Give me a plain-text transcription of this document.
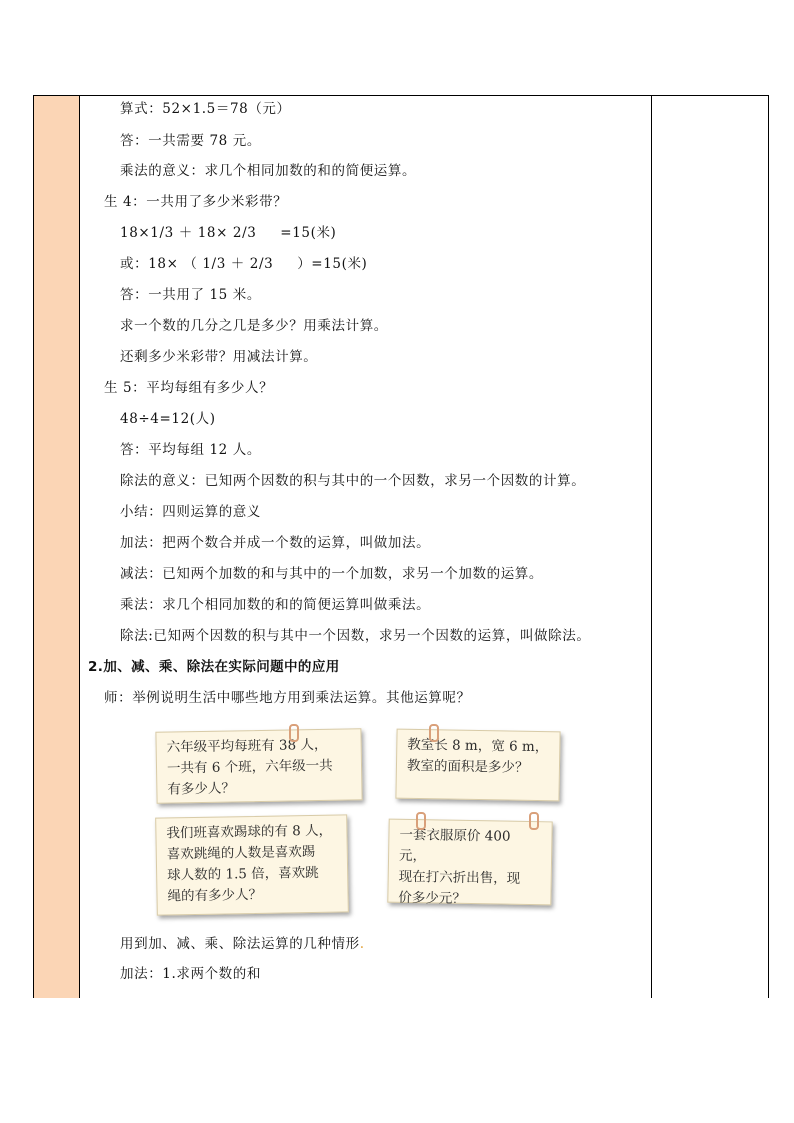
算式：52×1.5＝78（元）
答：一共需要 78 元。
乘法的意义：求几个相同加数的和的简便运算。
生 4：一共用了多少米彩带？
18×1/3 ＋ 18× 2/3 　 =15(米)
或：18× （ 1/3 ＋ 2/3 　 ）=15(米)
答：一共用了 15 米。
求一个数的几分之几是多少？用乘法计算。
还剩多少米彩带？用减法计算。
生 5：平均每组有多少人？
48÷4=12(人)
答：平均每组 12 人。
除法的意义：已知两个因数的积与其中的一个因数，求另一个因数的计算。
小结：四则运算的意义
加法：把两个数合并成一个数的运算，叫做加法。
减法：已知两个加数的和与其中的一个加数，求另一个加数的运算。
乘法：求几个相同加数的和的简便运算叫做乘法。
除法:已知两个因数的积与其中一个因数，求另一个因数的运算，叫做除法。
2.加、减、乘、除法在实际问题中的应用
师：举例说明生活中哪些地方用到乘法运算。其他运算呢？
用到加、减、乘、除法运算的几种情形.
加法：1.求两个数的和
六年级平均每班有 38 人，
一共有 6 个班，六年级一共
有多少人？
教室长 8 m，宽 6 m，
教室的面积是多少？
我们班喜欢踢球的有 8 人，
喜欢跳绳的人数是喜欢踢
球人数的 1.5 倍，喜欢跳
绳的有多少人？
一套衣服原价 400 元，
现在打六折出售，现
价多少元？
